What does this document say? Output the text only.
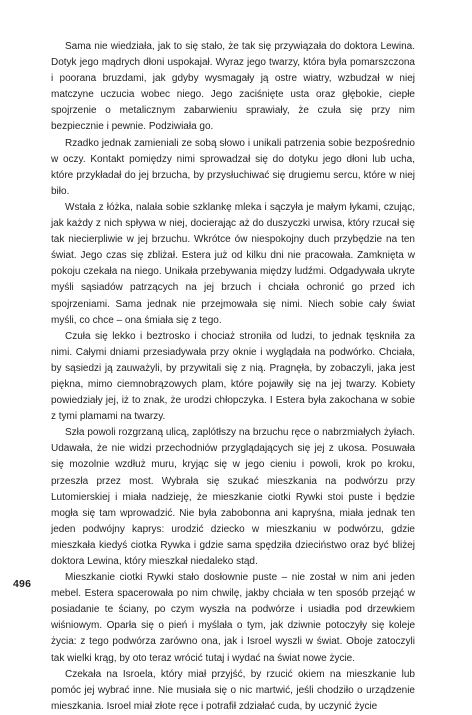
Sama nie wiedziała, jak to się stało, że tak się przywiązała do doktora Lewina. Dotyk jego mądrych dłoni uspokajał. Wyraz jego twarzy, która była pomarszczona i poorana bruzdami, jak gdyby wysmagały ją ostre wiatry, wzbudzał w niej matczyne uczucia wobec niego. Jego zaciśnięte usta oraz głębokie, ciepłe spojrzenie o metalicznym zabarwieniu sprawiały, że czuła się przy nim bezpiecznie i pewnie. Podziwiała go.

Rzadko jednak zamieniali ze sobą słowo i unikali patrzenia sobie bezpośrednio w oczy. Kontakt pomiędzy nimi sprowadzał się do dotyku jego dłoni lub ucha, które przykładał do jej brzucha, by przysłuchiwać się drugiemu sercu, które w niej biło.

Wstała z łóżka, nalała sobie szklankę mleka i sączyła je małym łykami, czując, jak każdy z nich spływa w niej, docierając aż do duszyczki urwisa, który rzucał się tak niecierpliwie w jej brzuchu. Wkrótce ów niespokojny duch przybędzie na ten świat. Jego czas się zbliżał. Estera już od kilku dni nie pracowała. Zamknięta w pokoju czekała na niego. Unikała przebywania między ludźmi. Odgadywała ukryte myśli sąsiadów patrzących na jej brzuch i chciała ochronić go przed ich spojrzeniami. Sama jednak nie przejmowała się nimi. Niech sobie cały świat myśli, co chce – ona śmiała się z tego.

Czuła się lekko i beztrosko i chociaż stroniła od ludzi, to jednak tęskniła za nimi. Całymi dniami przesiadywała przy oknie i wyglądała na podwórko. Chciała, by sąsiedzi ją zauważyli, by przywitali się z nią. Pragnęła, by zobaczyli, jaka jest piękna, mimo ciemnobrązowych plam, które pojawiły się na jej twarzy. Kobiety powiedziały jej, iż to znak, że urodzi chłopczyka. I Estera była zakochana w sobie z tymi plamami na twarzy.

Szła powoli rozgrzaną ulicą, zaplótłszy na brzuchu ręce o nabrzmiałych żyłach. Udawała, że nie widzi przechodniów przyglądających się jej z ukosa. Posuwała się mozolnie wzdłuż muru, kryjąc się w jego cieniu i powoli, krok po kroku, przeszła przez most. Wybrała się szukać mieszkania na podwórzu przy Lutomierskiej i miała nadzieję, że mieszkanie ciotki Rywki stoi puste i będzie mogła się tam wprowadzić. Nie była zabobonna ani kapryśna, miała jednak ten jeden podwójny kaprys: urodzić dziecko w mieszkaniu w podwórzu, gdzie mieszkała kiedyś ciotka Rywka i gdzie sama spędziła dzieciństwo oraz być bliżej doktora Lewina, który mieszkał niedaleko stąd.

Mieszkanie ciotki Rywki stało dosłownie puste – nie został w nim ani jeden mebel. Estera spacerowała po nim chwilę, jakby chciała w ten sposób przejąć w posiadanie te ściany, po czym wyszła na podwórze i usiadła pod drzewkiem wiśniowym. Oparła się o pień i myślała o tym, jak dziwnie potoczyły się koleje życia: z tego podwórza zarówno ona, jak i Isroel wyszli w świat. Oboje zatoczyli tak wielki krąg, by oto teraz wrócić tutaj i wydać na świat nowe życie.

Czekała na Isroela, który miał przyjść, by rzucić okiem na mieszkanie lub pomóc jej wybrać inne. Nie musiała się o nic martwić, jeśli chodziło o urządzenie mieszkania. Isroel miał złote ręce i potrafił zdziałać cuda, by uczynić życie

496
